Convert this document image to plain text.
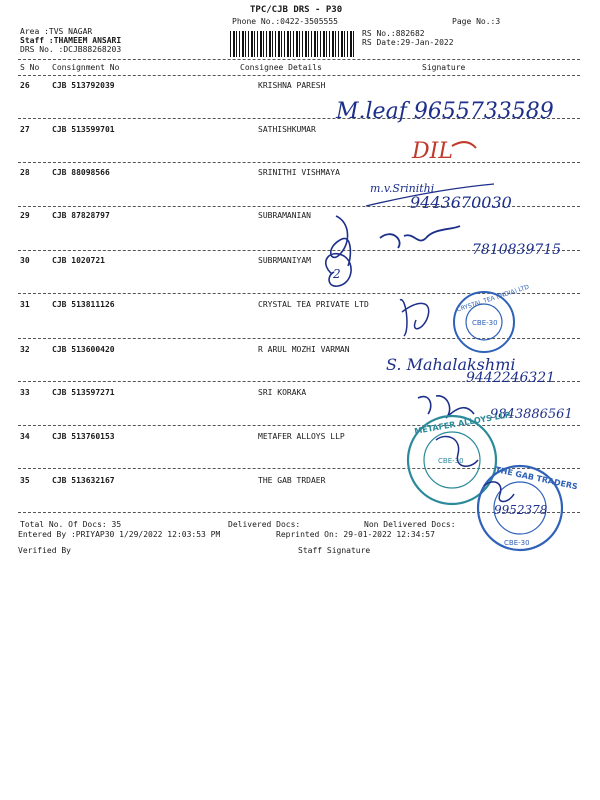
TPC/CJB DRS - P30
Phone No.:0422-3505555	Page No.:3
Area :TVS NAGAR
Staff :THAMEEM ANSARI
DRS No. :DCJB88268203
RS No.:882682
RS Date:29-Jan-2022
S No Consignment No	Consignee Details	Signature
26	CJB 513792039	KRISHNA PARESH
27	CJB 513599701	SATHISHKUMAR
28	CJB 88098566	SRINITHI VISHMAYA
29	CJB 87828797	SUBRAMANIAN
30	CJB 1020721	SUBRMANIYAM
31	CJB 513811126	CRYSTAL TEA PRIVATE LTD
32	CJB 513600420	R ARUL MOZHI VARMAN
33	CJB 513597271	SRI KORAKA
34	CJB 513760153	METAFER ALLOYS LLP
35	CJB 513632167	THE GAB TRDAER
Total No. Of Docs: 35	Delivered Docs:	Non Delivered Docs:
Entered By :PRIYAP30 1/29/2022 12:03:53 PM	Reprinted On: 29-01-2022 12:34:57
Verified By	Staff Signature
M.leaf 9655733589
DIL
m.v.Srinithi
9443670030
7810839715
2
CRYSTAL TEA (INDIA) LTD
CBE-30
S. Mahalakshmi
9442246321
9843886561
METAFER ALLOYS LLP
CBE-30
THE GAB TRADERS
CBE-30
9952378
